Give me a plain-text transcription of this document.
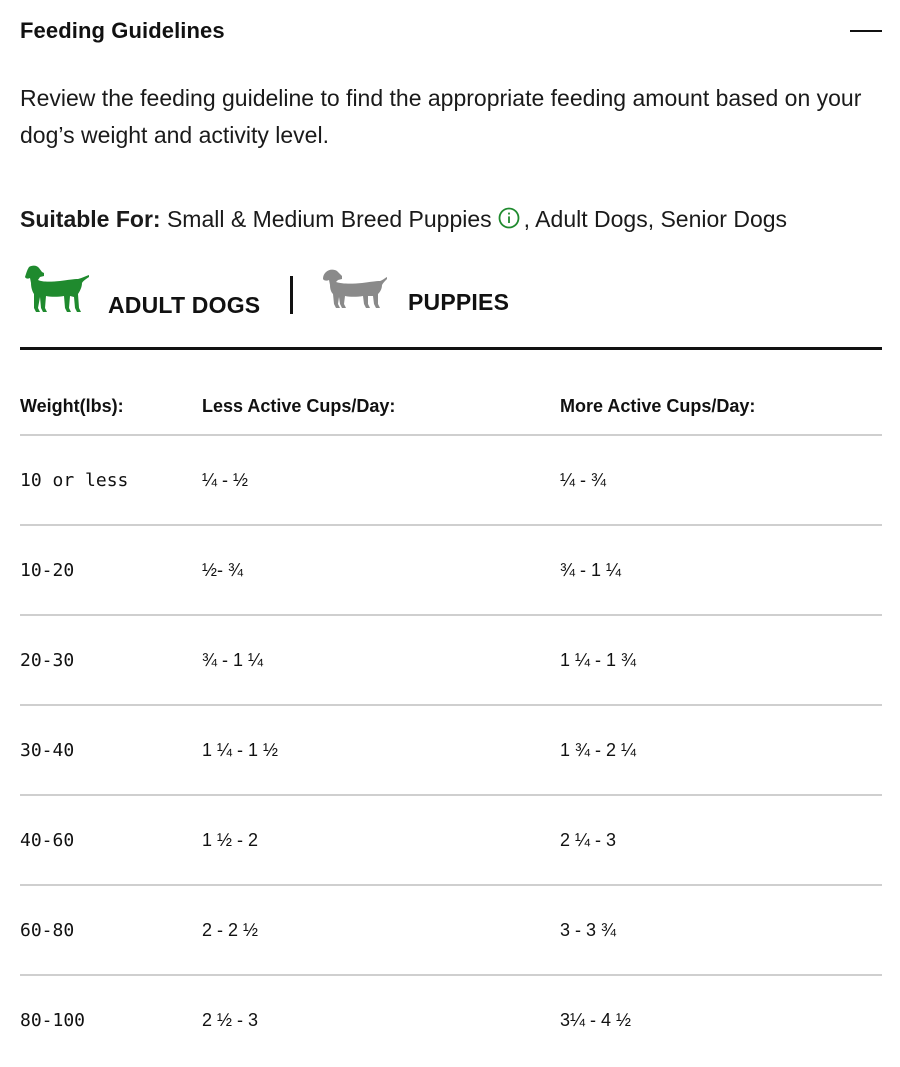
Feeding Guidelines
Review the feeding guideline to find the appropriate feeding amount based on your dog’s weight and activity level.
Suitable For: Small & Medium Breed Puppies , Adult Dogs, Senior Dogs
ADULT DOGS	PUPPIES
Weight(lbs):	Less Active Cups/Day:	More Active Cups/Day:
10 or less	¼ - ½	¼ - ¾
10-20	½- ¾	¾ - 1 ¼
20-30	¾ - 1 ¼	1 ¼ - 1 ¾
30-40	1 ¼ - 1 ½	1 ¾ - 2 ¼
40-60	1 ½ - 2	2 ¼ - 3
60-80	2 - 2 ½	3 - 3 ¾
80-100	2 ½ - 3	3¼ - 4 ½
